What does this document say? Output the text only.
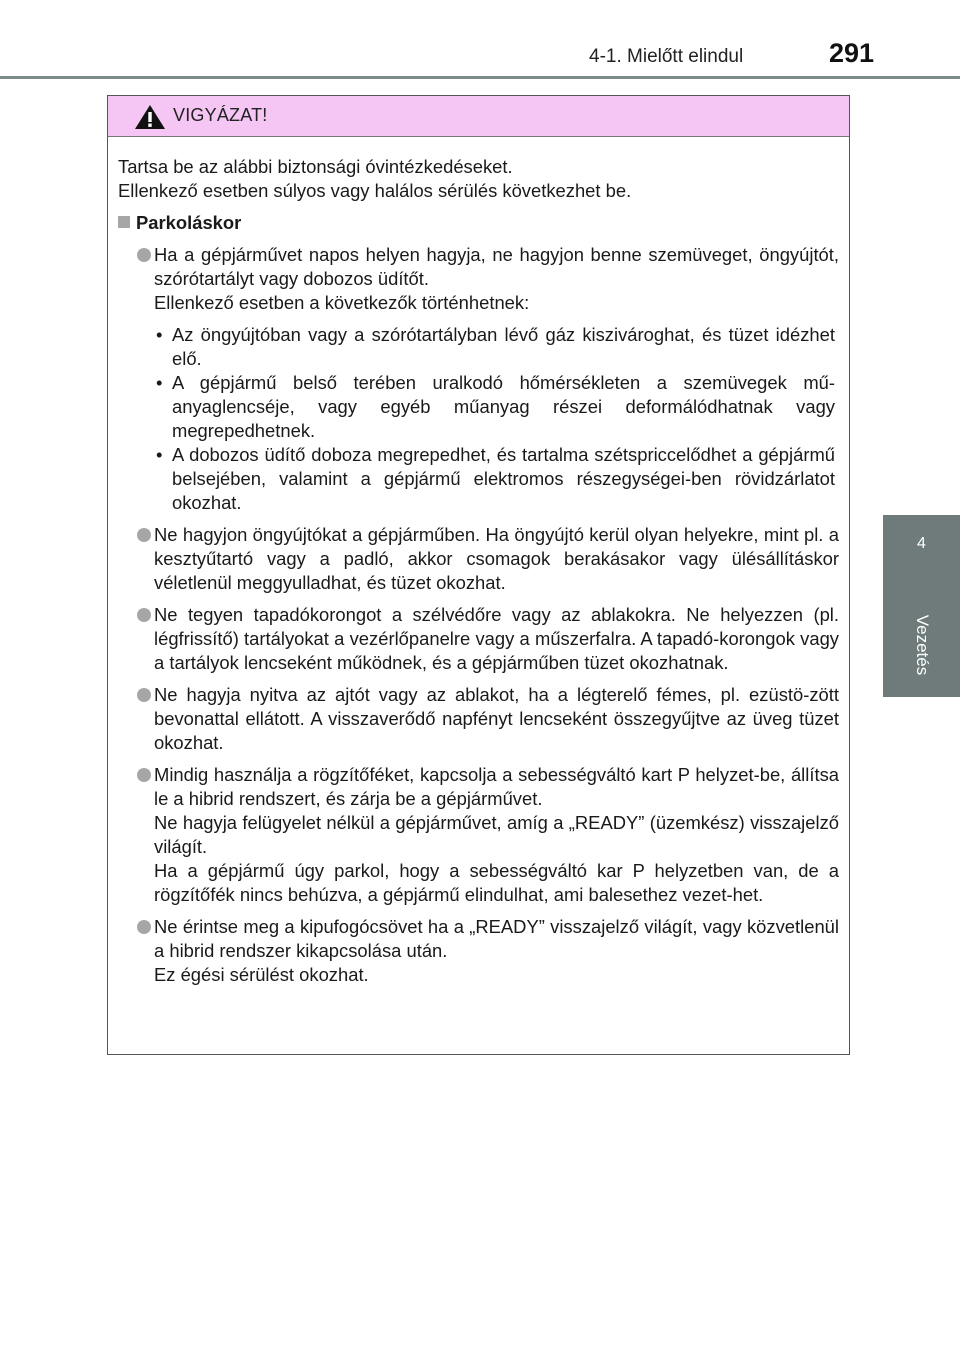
4-1. Mielőtt elindul	291
4
Vezetés
VIGYÁZAT!
Tartsa be az alábbi biztonsági óvintézkedéseket.
Ellenkező esetben súlyos vagy halálos sérülés következhet be.
Parkoláskor

Ha a gépjárművet napos helyen hagyja, ne hagyjon benne szemüveget, öngyújtót, szórótartályt vagy dobozos üdítőt.

Ellenkező esetben a következők történhetnek:

• Az öngyújtóban vagy a szórótartályban lévő gáz kiszivároghat, és tüzet idézhet elő.
• A gépjármű belső terében uralkodó hőmérsékleten a szemüvegek mű-anyaglencséje, vagy egyéb műanyag részei deformálódhatnak vagy megrepedhetnek.
• A dobozos üdítő doboza megrepedhet, és tartalma szétspriccelődhet a gépjármű belsejében, valamint a gépjármű elektromos részegységei-ben rövidzárlatot okozhat.

Ne hagyjon öngyújtókat a gépjárműben. Ha öngyújtó kerül olyan helyekre, mint pl. a kesztyűtartó vagy a padló, akkor csomagok berakásakor vagy ülésállításkor véletlenül meggyulladhat, és tüzet okozhat.

Ne tegyen tapadókorongot a szélvédőre vagy az ablakokra. Ne helyezzen (pl. légfrissítő) tartályokat a vezérlőpanelre vagy a műszerfalra. A tapadó-korongok vagy a tartályok lencseként működnek, és a gépjárműben tüzet okozhatnak.

Ne hagyja nyitva az ajtót vagy az ablakot, ha a légterelő fémes, pl. ezüstö-zött bevonattal ellátott. A visszaverődő napfényt lencseként összegyűjtve az üveg tüzet okozhat.

Mindig használja a rögzítőféket, kapcsolja a sebességváltó kart P helyzet-be, állítsa le a hibrid rendszert, és zárja be a gépjárművet.

Ne hagyja felügyelet nélkül a gépjárművet, amíg a „READY” (üzemkész) visszajelző világít.

Ha a gépjármű úgy parkol, hogy a sebességváltó kar P helyzetben van, de a rögzítőfék nincs behúzva, a gépjármű elindulhat, ami balesethez vezet-het.

Ne érintse meg a kipufogócsövet ha a „READY” visszajelző világít, vagy közvetlenül a hibrid rendszer kikapcsolása után.

Ez égési sérülést okozhat.
